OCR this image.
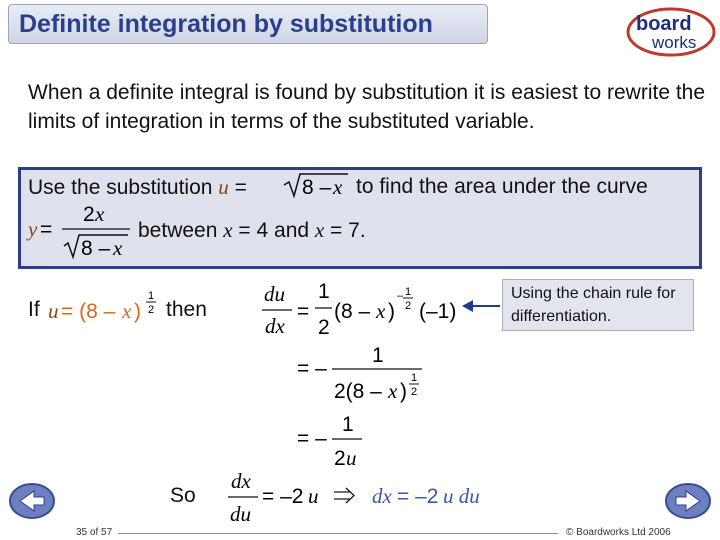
Definite integration by substitution	board
works
When a definite integral is found by substitution it is easiest to rewrite the limits of integration in terms of the substituted variable.
Use the substitution u =	to find the area under the curve
between x = 4 and x = 7.
If	then
So
Using the chain rule for differentiation.
8 – x
y =
2 x
8 – x
u = (8 – x )
1
2
du
dx
=
1
2
(8 – x )
– 1
2 (–1)
= –
1
2(8 – x )
1
2
= –
1
2 u
dx
du
= –2 u	dx = –2 u du
35 of 57	© Boardworks Ltd 2006
